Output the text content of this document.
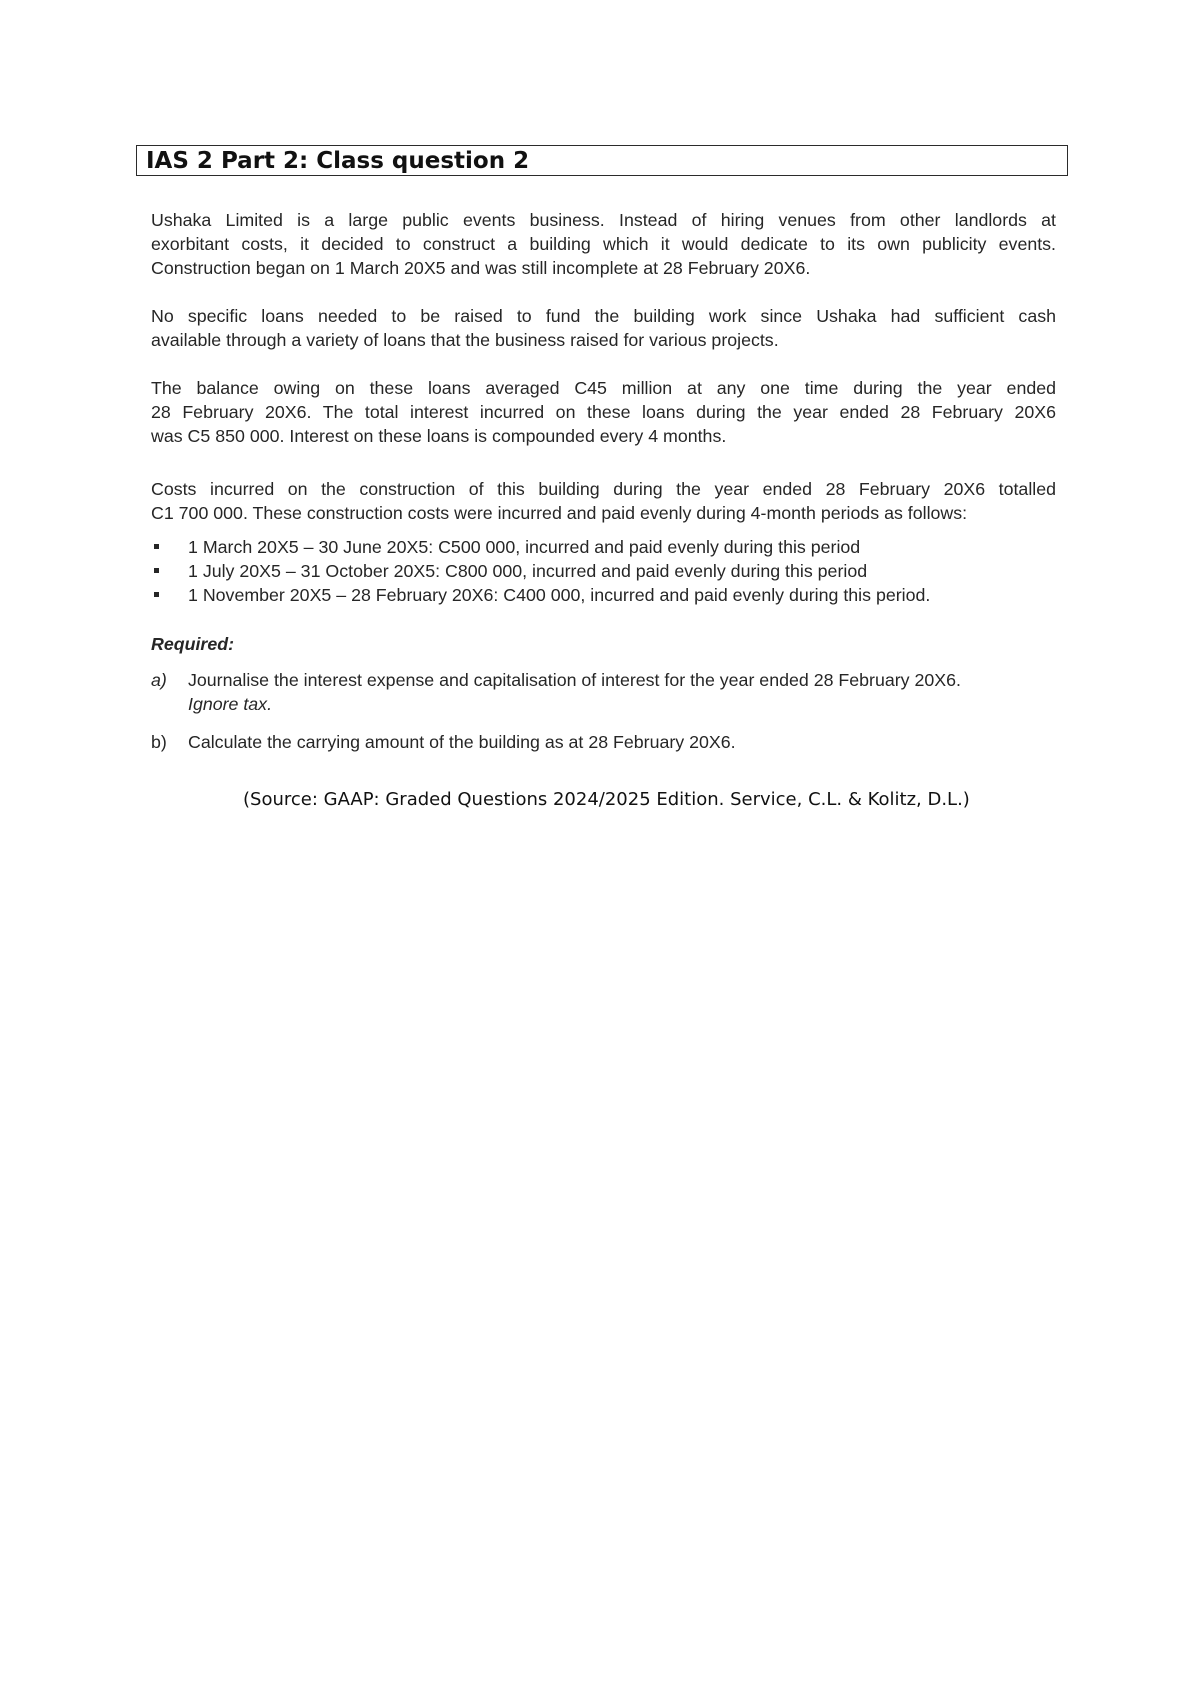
IAS 2 Part 2: Class question 2

Ushaka Limited is a large public events business. Instead of hiring venues from other landlords at
exorbitant costs, it decided to construct a building which it would dedicate to its own publicity events.
Construction began on 1 March 20X5 and was still incomplete at 28 February 20X6.

No specific loans needed to be raised to fund the building work since Ushaka had sufficient cash
available through a variety of loans that the business raised for various projects.

The balance owing on these loans averaged C45 million at any one time during the year ended
28 February 20X6. The total interest incurred on these loans during the year ended 28 February 20X6
was C5 850 000. Interest on these loans is compounded every 4 months.

Costs incurred on the construction of this building during the year ended 28 February 20X6 totalled
C1 700 000. These construction costs were incurred and paid evenly during 4-month periods as follows:

1 March 20X5 – 30 June 20X5: C500 000, incurred and paid evenly during this period
1 July 20X5 – 31 October 20X5: C800 000, incurred and paid evenly during this period
1 November 20X5 – 28 February 20X6: C400 000, incurred and paid evenly during this period.
Required:
a) Journalise the interest expense and capitalisation of interest for the year ended 28 February 20X6.
Ignore tax.
b) Calculate the carrying amount of the building as at 28 February 20X6.
(Source: GAAP: Graded Questions 2024/2025 Edition. Service, C.L. & Kolitz, D.L.)
